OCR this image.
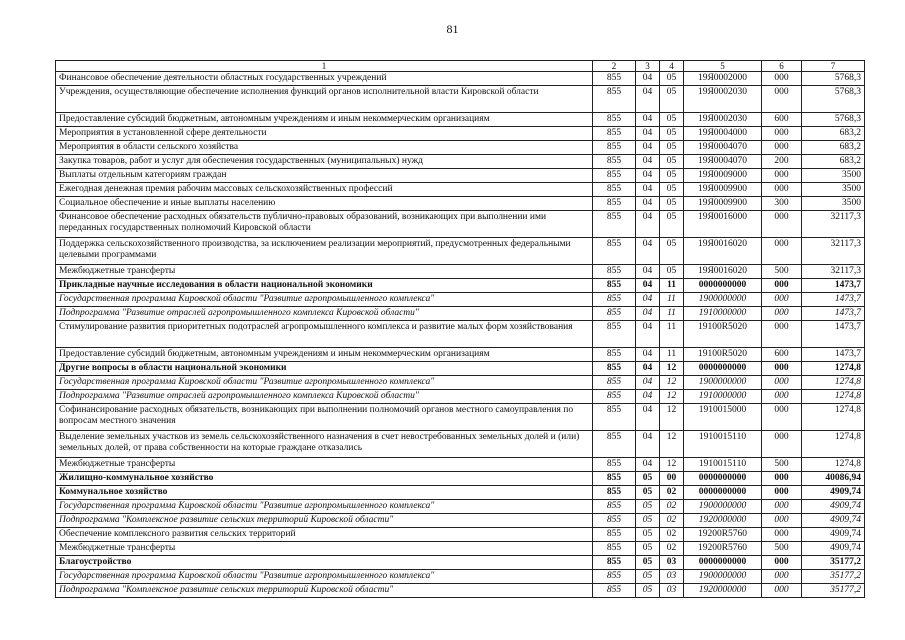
81
1	2	3	4	5	6	7
Финансовое обеспечение деятельности областных государственных учреждений	855	04	05	19Я0002000	000	5768,3
Учреждения, осуществляющие обеспечение исполнения функций органов исполнительной власти Кировской области	855	04	05	19Я0002030	000	5768,3
Предоставление субсидий бюджетным, автономным учреждениям и иным некоммерческим организациям	855	04	05	19Я0002030	600	5768,3
Мероприятия в установленной сфере деятельности	855	04	05	19Я0004000	000	683,2
Мероприятия в области сельского хозяйства	855	04	05	19Я0004070	000	683,2
Закупка товаров, работ и услуг для обеспечения государственных (муниципальных) нужд	855	04	05	19Я0004070	200	683,2
Выплаты отдельным категориям граждан	855	04	05	19Я0009000	000	3500
Ежегодная денежная премия рабочим массовых сельскохозяйственных профессий	855	04	05	19Я0009900	000	3500
Социальное обеспечение и иные выплаты населению	855	04	05	19Я0009900	300	3500
Финансовое обеспечение расходных обязательств публично-правовых образований, возникающих при выполнении ими переданных государственных полномочий Кировской области	855	04	05	19Я0016000	000	32117,3
Поддержка сельскохозяйственного производства, за исключением реализации мероприятий, предусмотренных федеральными целевыми программами	855	04	05	19Я0016020	000	32117,3
Межбюджетные трансферты	855	04	05	19Я0016020	500	32117,3
Прикладные научные исследования в области национальной экономики	855	04	11	0000000000	000	1473,7
Государственная программа Кировской области "Развитие агропромышленного комплекса"	855	04	11	1900000000	000	1473,7
Подпрограмма "Развитие отраслей агропромышленного комплекса Кировской области"	855	04	11	1910000000	000	1473,7
Стимулирование развития приоритетных подотраслей агропромышленного комплекса и развитие малых форм хозяйствования	855	04	11	19100R5020	000	1473,7
Предоставление субсидий бюджетным, автономным учреждениям и иным некоммерческим организациям	855	04	11	19100R5020	600	1473,7
Другие вопросы в области национальной экономики	855	04	12	0000000000	000	1274,8
Государственная программа Кировской области "Развитие агропромышленного комплекса"	855	04	12	1900000000	000	1274,8
Подпрограмма "Развитие отраслей агропромышленного комплекса Кировской области"	855	04	12	1910000000	000	1274,8
Софинансирование расходных обязательств, возникающих при выполнении полномочий органов местного самоуправления по вопросам местного значения	855	04	12	1910015000	000	1274,8
Выделение земельных участков из земель сельскохозяйственного назначения в счет невостребованных земельных долей и (или) земельных долей, от права собственности на которые граждане отказались	855	04	12	1910015110	000	1274,8
Межбюджетные трансферты	855	04	12	1910015110	500	1274,8
Жилищно-коммунальное хозяйство	855	05	00	0000000000	000	40086,94
Коммунальное хозяйство	855	05	02	0000000000	000	4909,74
Государственная программа Кировской области "Развитие агропромышленного комплекса"	855	05	02	1900000000	000	4909,74
Подпрограмма "Комплексное развитие сельских территорий Кировской области"	855	05	02	1920000000	000	4909,74
Обеспечение комплексного развития сельских территорий	855	05	02	19200R5760	000	4909,74
Межбюджетные трансферты	855	05	02	19200R5760	500	4909,74
Благоустройство	855	05	03	0000000000	000	35177,2
Государственная программа Кировской области "Развитие агропромышленного комплекса"	855	05	03	1900000000	000	35177,2
Подпрограмма "Комплексное развитие сельских территорий Кировской области"	855	05	03	1920000000	000	35177,2
